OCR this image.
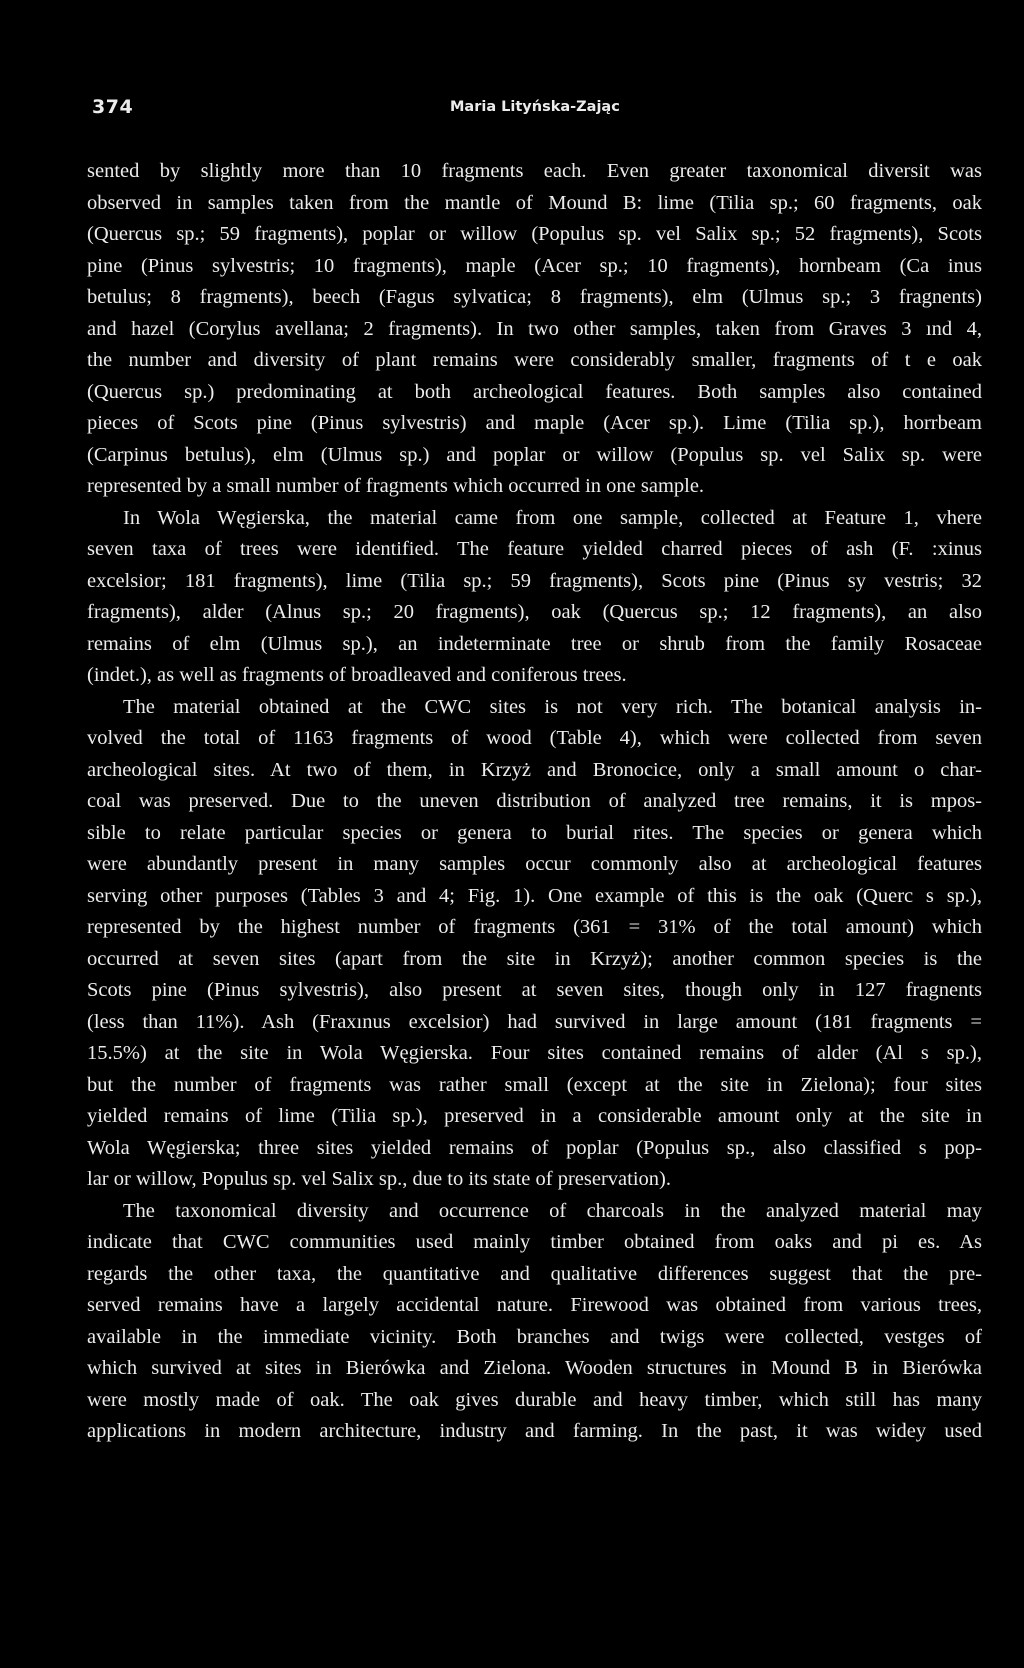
374	Maria Lityńska-Zając
sented by slightly more than 10 fragments each. Even greater taxonomical diversit was
observed in samples taken from the mantle of Mound B: lime (Tilia sp.; 60 fragments, oak
(Quercus sp.; 59 fragments), poplar or willow (Populus sp. vel Salix sp.; 52 fragments), Scots
pine (Pinus sylvestris; 10 fragments), maple (Acer sp.; 10 fragments), hornbeam (Ca inus
betulus; 8 fragments), beech (Fagus sylvatica; 8 fragments), elm (Ulmus sp.; 3 fragnents)
and hazel (Corylus avellana; 2 fragments). In two other samples, taken from Graves 3 ınd 4,
the number and diversity of plant remains were considerably smaller, fragments of t e oak
(Quercus sp.) predominating at both archeological features. Both samples also contained
pieces of Scots pine (Pinus sylvestris) and maple (Acer sp.). Lime (Tilia sp.), horrbeam
(Carpinus betulus), elm (Ulmus sp.) and poplar or willow (Populus sp. vel Salix sp. were
represented by a small number of fragments which occurred in one sample.
In Wola Węgierska, the material came from one sample, collected at Feature 1, vhere
seven taxa of trees were identified. The feature yielded charred pieces of ash (F. :xinus
excelsior; 181 fragments), lime (Tilia sp.; 59 fragments), Scots pine (Pinus sy vestris; 32
fragments), alder (Alnus sp.; 20 fragments), oak (Quercus sp.; 12 fragments), an also
remains of elm (Ulmus sp.), an indeterminate tree or shrub from the family Rosaceae
(indet.), as well as fragments of broadleaved and coniferous trees.
The material obtained at the CWC sites is not very rich. The botanical analysis in-
volved the total of 1163 fragments of wood (Table 4), which were collected from seven
archeological sites. At two of them, in Krzyż and Bronocice, only a small amount o char-
coal was preserved. Due to the uneven distribution of analyzed tree remains, it is mpos-
sible to relate particular species or genera to burial rites. The species or genera which
were abundantly present in many samples occur commonly also at archeological features
serving other purposes (Tables 3 and 4; Fig. 1). One example of this is the oak (Querc s sp.),
represented by the highest number of fragments (361 = 31% of the total amount) which
occurred at seven sites (apart from the site in Krzyż); another common species is the
Scots pine (Pinus sylvestris), also present at seven sites, though only in 127 fragnents
(less than 11%). Ash (Fraxınus excelsior) had survived in large amount (181 fragments =
15.5%) at the site in Wola Węgierska. Four sites contained remains of alder (Al s sp.),
but the number of fragments was rather small (except at the site in Zielona); four sites
yielded remains of lime (Tilia sp.), preserved in a considerable amount only at the site in
Wola Węgierska; three sites yielded remains of poplar (Populus sp., also classified s pop-
lar or willow, Populus sp. vel Salix sp., due to its state of preservation).
The taxonomical diversity and occurrence of charcoals in the analyzed material may
indicate that CWC communities used mainly timber obtained from oaks and pi es. As
regards the other taxa, the quantitative and qualitative differences suggest that the pre-
served remains have a largely accidental nature. Firewood was obtained from various trees,
available in the immediate vicinity. Both branches and twigs were collected, vestges of
which survived at sites in Bierówka and Zielona. Wooden structures in Mound B in Bierówka
were mostly made of oak. The oak gives durable and heavy timber, which still has many
applications in modern architecture, industry and farming. In the past, it was widey used
